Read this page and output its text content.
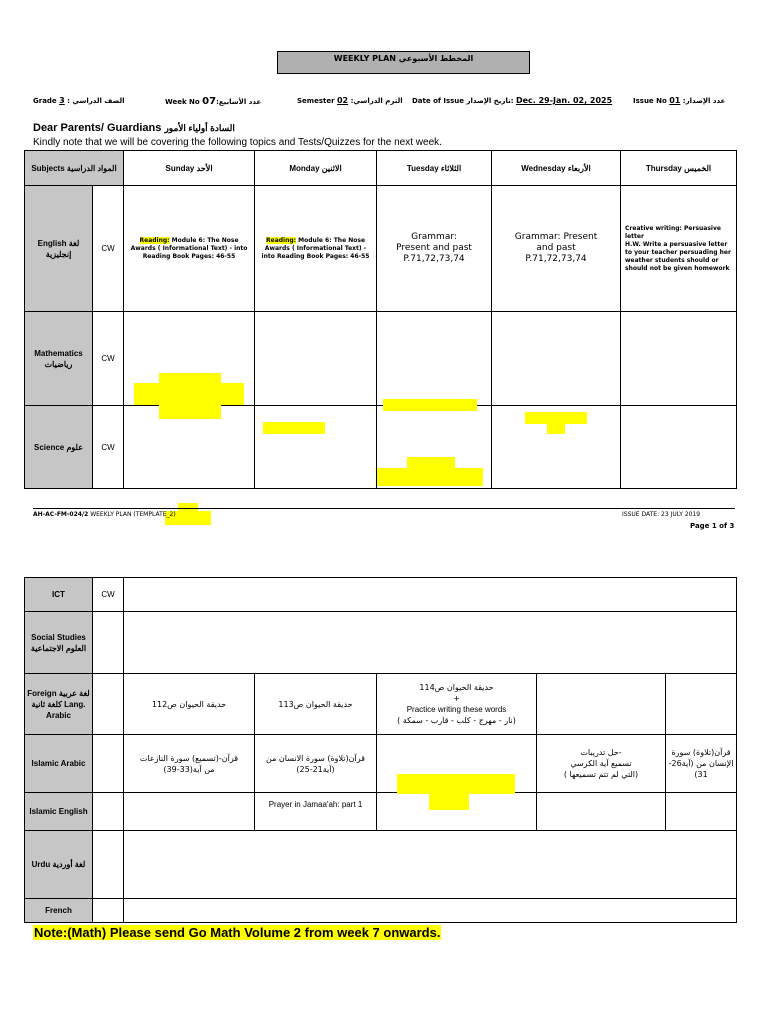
WEEKLY PLAN المخطط الأسبوعي
Grade الصف الدراسي : 3	Week No عدد الأسابيع:07	Semester الترم الدراسي: 02	Date of Issue تاريخ الإصدار: Dec. 29-Jan. 02, 2025	Issue No عدد الإصدار: 01
Dear Parents/ Guardians السادة أولياء الأمور
Kindly note that we will be covering the following topics and Tests/Quizzes for the next week.
Subjects المواد الدراسية		Sunday الأحد	Monday الاثنين	Tuesday الثلاثاء	Wednesday الأربعاء	Thursday الخميس
English لغة إنجليزية	CW	Reading: Module 6: The Nose Awards ( Informational Text) - into Reading Book Pages: 46-55	Reading: Module 6: The Nose Awards ( Informational Text) - into Reading Book Pages: 46-55	Grammar: Present and past P.71,72,73,74	Grammar: Present and past P.71,72,73,74	Creative writing: Persuasive letter
H.W. Write a persuasive letter to your teacher persuading her weather students should or should not be given homework

Mathematics رياضيات	CW	

Science علوم	CW	

AH-AC-FM-024/2 WEEKLY PLAN (TEMPLATE_2)	ISSUE DATE: 23 JULY 2019
Page 1 of 3
ICT	CW					
Social Studies العلوم الاجتماعية						
Foreign لغة عربية كلغة ثانية Lang. Arabic		حديقة الحيوان ص112	حديقة الحيوان ص113	حديقة الحيوان ص114
+
Practice writing these words
( نار - مهرج - كلب - قارب - سمكة)		

Islamic Arabic		قرآن-(تسميع) سورة النازعات من آية(33-39)	قرآن(تلاوة) سورة الانسان من (آية21-25)		حل تدريبات-
تسميع آية الكرسي
( التي لم تتم تسميعها)	قرآن(تلاوة) سورة الإنسان من (آية26-31)

Islamic English			Prayer in Jamaa'ah: part 1			
Urdu لغة أوردية						
French						
Note:(Math) Please send Go Math Volume 2 from week 7 onwards.
